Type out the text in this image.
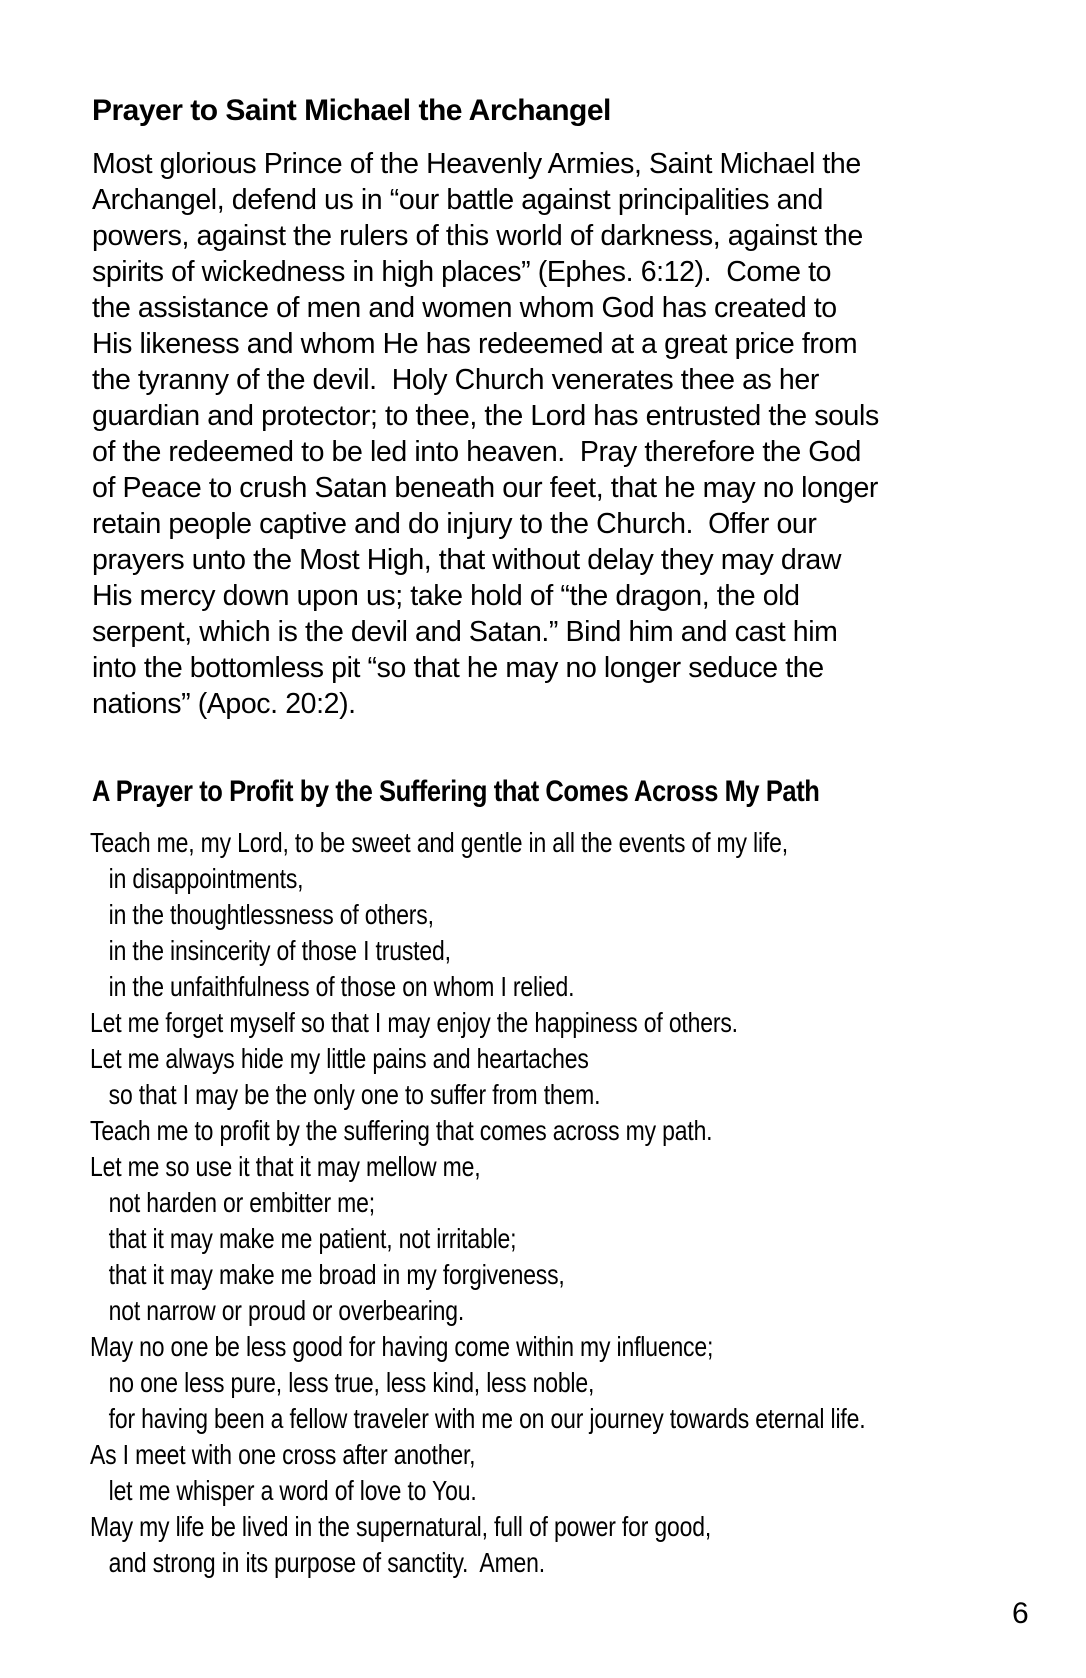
Prayer to Saint Michael the Archangel
Most glorious Prince of the Heavenly Armies, Saint Michael the
Archangel, defend us in “our battle against principalities and
powers, against the rulers of this world of darkness, against the
spirits of wickedness in high places” (Ephes. 6:12).  Come to
the assistance of men and women whom God has created to
His likeness and whom He has redeemed at a great price from
the tyranny of the devil.  Holy Church venerates thee as her
guardian and protector; to thee, the Lord has entrusted the souls
of the redeemed to be led into heaven.  Pray therefore the God
of Peace to crush Satan beneath our feet, that he may no longer
retain people captive and do injury to the Church.  Offer our
prayers unto the Most High, that without delay they may draw
His mercy down upon us; take hold of “the dragon, the old
serpent, which is the devil and Satan.” Bind him and cast him
into the bottomless pit “so that he may no longer seduce the
nations” (Apoc. 20:2).
A Prayer to Profit by the Suffering that Comes Across My Path
Teach me, my Lord, to be sweet and gentle in all the events of my life,
in disappointments,
in the thoughtlessness of others,
in the insincerity of those I trusted,
in the unfaithfulness of those on whom I relied.
Let me forget myself so that I may enjoy the happiness of others.
Let me always hide my little pains and heartaches
so that I may be the only one to suffer from them.
Teach me to profit by the suffering that comes across my path.
Let me so use it that it may mellow me,
not harden or embitter me;
that it may make me patient, not irritable;
that it may make me broad in my forgiveness,
not narrow or proud or overbearing.
May no one be less good for having come within my influence;
no one less pure, less true, less kind, less noble,
for having been a fellow traveler with me on our journey towards eternal life.
As I meet with one cross after another,
let me whisper a word of love to You.
May my life be lived in the supernatural, full of power for good,
and strong in its purpose of sanctity.  Amen.
6
